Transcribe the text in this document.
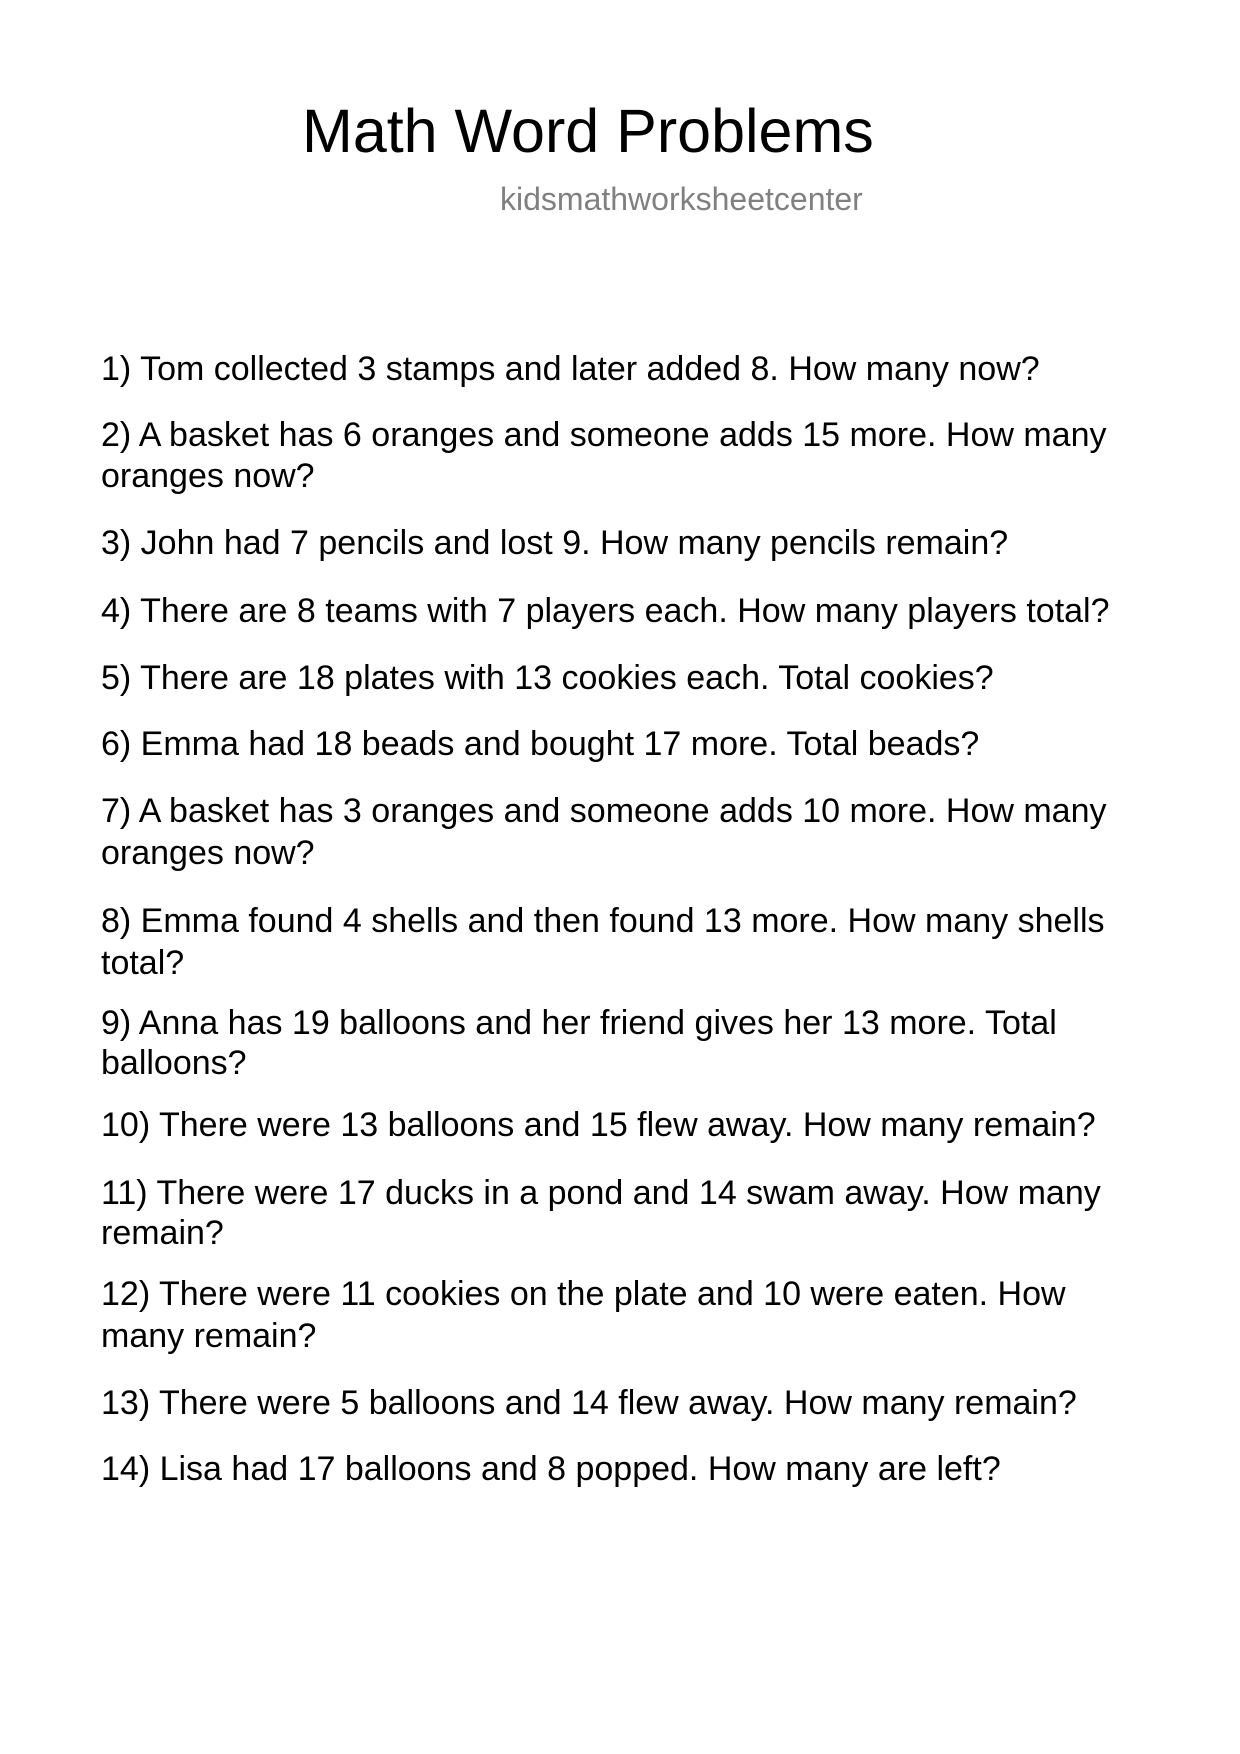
Math Word Problems
kidsmathworksheetcenter
1) Tom collected 3 stamps and later added 8. How many now?
2) A basket has 6 oranges and someone adds 15 more. How many
oranges now?
3) John had 7 pencils and lost 9. How many pencils remain?
4) There are 8 teams with 7 players each. How many players total?
5) There are 18 plates with 13 cookies each. Total cookies?
6) Emma had 18 beads and bought 17 more. Total beads?
7) A basket has 3 oranges and someone adds 10 more. How many
oranges now?
8) Emma found 4 shells and then found 13 more. How many shells
total?
9) Anna has 19 balloons and her friend gives her 13 more. Total
balloons?
10) There were 13 balloons and 15 flew away. How many remain?
11) There were 17 ducks in a pond and 14 swam away. How many
remain?
12) There were 11 cookies on the plate and 10 were eaten. How
many remain?
13) There were 5 balloons and 14 flew away. How many remain?
14) Lisa had 17 balloons and 8 popped. How many are left?
